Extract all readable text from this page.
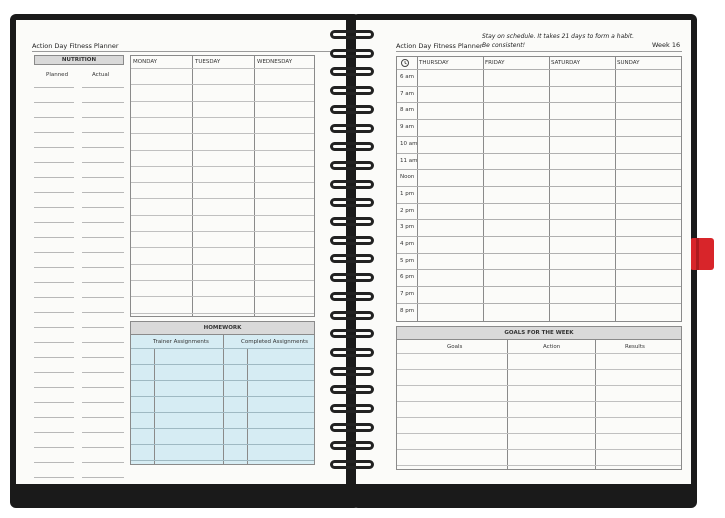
Action Day Fitness Planner
NUTRITION
Planned	Actual
MONDAY	TUESDAY	WEDNESDAY
HOMEWORK
Trainer Assignments	Completed Assignments
Action Day Fitness Planner
Stay on schedule. It takes 21 days to form a habit.
Be consistent!	Week 16
THURSDAY	FRIDAY	SATURDAY	SUNDAY
6 am
7 am
8 am
9 am
10 am
11 am
Noon
1 pm
2 pm
3 pm
4 pm
5 pm
6 pm
7 pm
8 pm
GOALS FOR THE WEEK
Goals	Action	Results
